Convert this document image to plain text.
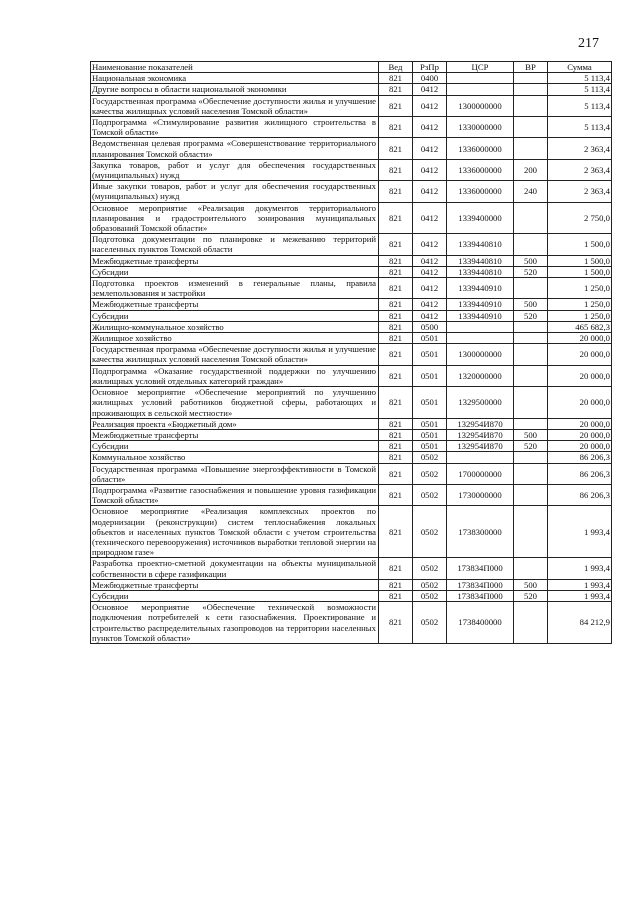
217
Наименование показателей	Вед	РзПр	ЦСР	ВР	Сумма
Национальная экономика	821	0400			5 113,4
Другие вопросы в области национальной экономики	821	0412			5 113,4
Государственная программа «Обеспечение доступности жилья и улучшение качества жилищных условий населения Томской области»	821	0412	1300000000		5 113,4
Подпрограмма «Стимулирование развития жилищного строительства в Томской области»	821	0412	1330000000		5 113,4
Ведомственная целевая программа «Совершенствование территориального планирования Томской области»	821	0412	1336000000		2 363,4
Закупка товаров, работ и услуг для обеспечения государственных (муниципальных) нужд	821	0412	1336000000	200	2 363,4
Иные закупки товаров, работ и услуг для обеспечения государственных (муниципальных) нужд	821	0412	1336000000	240	2 363,4
Основное мероприятие «Реализация документов территориального планирования и градостроительного зонирования муниципальных образований Томской области»	821	0412	1339400000		2 750,0
Подготовка документации по планировке и межеванию территорий населенных пунктов Томской области	821	0412	1339440810		1 500,0
Межбюджетные трансферты	821	0412	1339440810	500	1 500,0
Субсидии	821	0412	1339440810	520	1 500,0
Подготовка проектов изменений в генеральные планы, правила землепользования и застройки	821	0412	1339440910		1 250,0
Межбюджетные трансферты	821	0412	1339440910	500	1 250,0
Субсидии	821	0412	1339440910	520	1 250,0
Жилищно-коммунальное хозяйство	821	0500			465 682,3
Жилищное хозяйство	821	0501			20 000,0
Государственная программа «Обеспечение доступности жилья и улучшение качества жилищных условий населения Томской области»	821	0501	1300000000		20 000,0
Подпрограмма «Оказание государственной поддержки по улучшению жилищных условий отдельных категорий граждан»	821	0501	1320000000		20 000,0
Основное мероприятие «Обеспечение мероприятий по улучшению жилищных условий работников бюджетной сферы, работающих и проживающих в сельской местности»	821	0501	1329500000		20 000,0
Реализация проекта «Бюджетный дом»	821	0501	132954И870		20 000,0
Межбюджетные трансферты	821	0501	132954И870	500	20 000,0
Субсидии	821	0501	132954И870	520	20 000,0
Коммунальное хозяйство	821	0502			86 206,3
Государственная программа «Повышение энергоэффективности в Томской области»	821	0502	1700000000		86 206,3
Подпрограмма «Развитие газоснабжения и повышение уровня газификации Томской области»	821	0502	1730000000		86 206,3
Основное мероприятие «Реализация комплексных проектов по модернизации (реконструкции) систем теплоснабжения локальных объектов и населенных пунктов Томской области с учетом строительства (технического перевооружения) источников выработки тепловой энергии на природном газе»	821	0502	1738300000		1 993,4
Разработка проектно-сметной документации на объекты муниципальной собственности в сфере газификации	821	0502	173834П000		1 993,4
Межбюджетные трансферты	821	0502	173834П000	500	1 993,4
Субсидии	821	0502	173834П000	520	1 993,4
Основное мероприятие «Обеспечение технической возможности подключения потребителей к сети газоснабжения. Проектирование и строительство распределительных газопроводов на территории населенных пунктов Томской области»	821	0502	1738400000		84 212,9
